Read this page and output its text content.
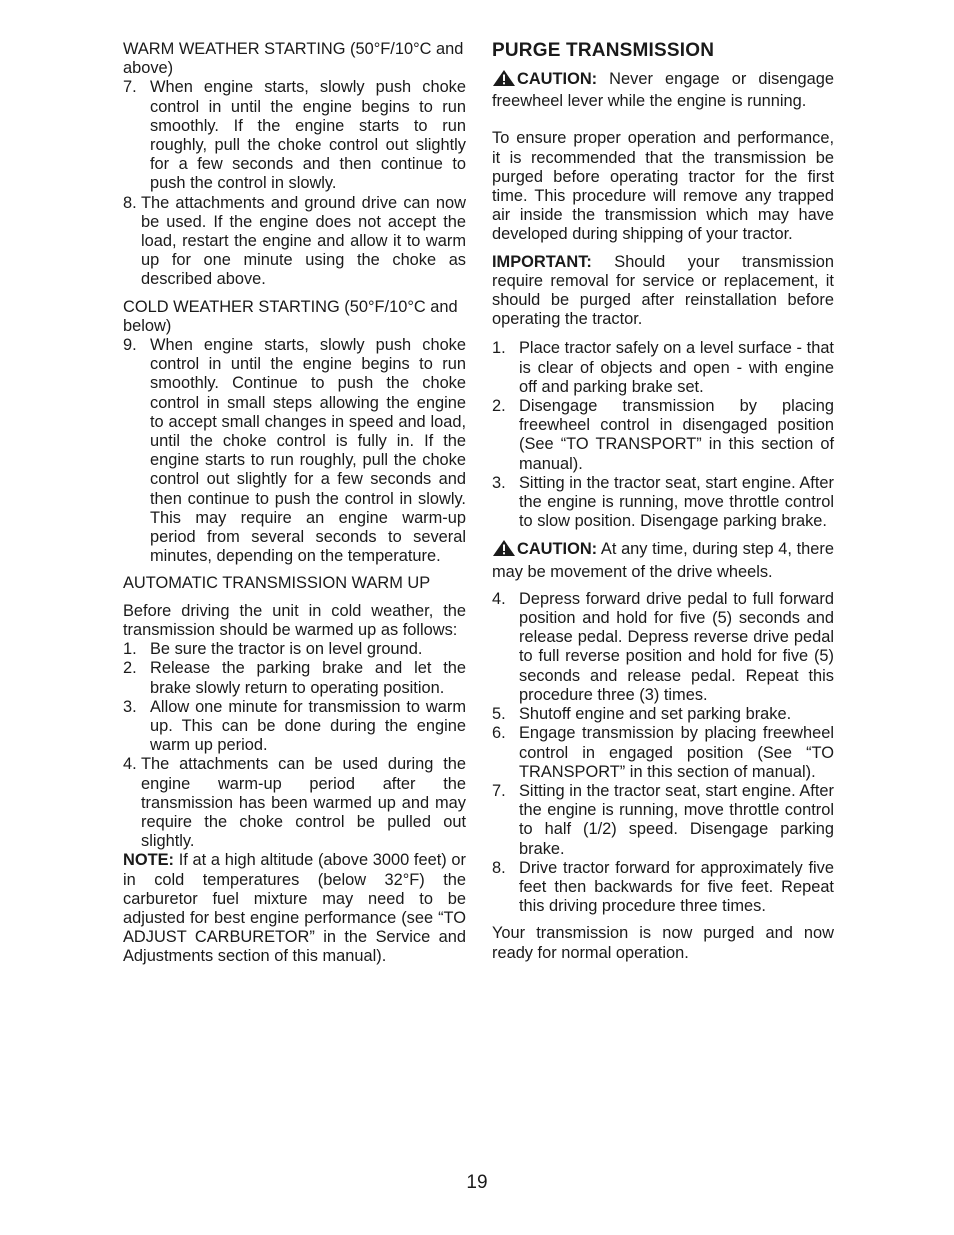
WARM WEATHER STARTING (50°F/10°C and above)

7. When engine starts, slowly push choke control in until the engine begins to run smoothly. If the engine starts to run roughly, pull the choke control out slightly for a few seconds and then continue to push the control in slowly.
8. The attachments and ground drive can now be used. If the engine does not accept the load, restart the engine and allow it to warm up for one minute using the choke as described above.

COLD WEATHER STARTING (50°F/10°C and below)

9. When engine starts, slowly push choke control in until the engine begins to run smoothly. Continue to push the choke control in small steps allowing the engine to accept small changes in speed and load, until the choke control is fully in. If the engine starts to run roughly, pull the choke control out slightly for a few seconds and then continue to push the control in slowly. This may require an engine warm-up period from several seconds to several minutes, depending on the temperature.

AUTOMATIC TRANSMISSION WARM UP

Before driving the unit in cold weather, the transmission should be warmed up as follows:

1. Be sure the tractor is on level ground.
2. Release the parking brake and let the brake slowly return to operating position.
3. Allow one minute for transmission to warm up. This can be done during the engine warm up period.
4. The attachments can be used during the engine warm-up period after the transmission has been warmed up and may require the choke control be pulled out slightly.

NOTE: If at a high altitude (above 3000 feet) or in cold temperatures (below 32°F) the carburetor fuel mixture may need to be adjusted for best engine performance (see “TO ADJUST CARBURETOR” in the Service and Adjustments section of this manual).

PURGE TRANSMISSION

CAUTION: Never engage or disengage freewheel lever while the engine is running.

To ensure proper operation and performance, it is recommended that the transmission be purged before operating tractor for the first time. This procedure will remove any trapped air inside the transmission which may have developed during shipping of your tractor.

IMPORTANT: Should your transmission require removal for service or replacement, it should be purged after reinstallation before operating the tractor.

1. Place tractor safely on a level surface - that is clear of objects and open - with engine off and parking brake set.
2. Disengage transmission by placing freewheel control in disengaged position (See “TO TRANSPORT” in this section of manual).
3. Sitting in the tractor seat, start engine. After the engine is running, move throttle control to slow position. Disengage parking brake.

CAUTION: At any time, during step 4, there may be movement of the drive wheels.

4. Depress forward drive pedal to full forward position and hold for five (5) seconds and release pedal. Depress reverse drive pedal to full reverse position and hold for five (5) seconds and release pedal. Repeat this procedure three (3) times.
5. Shutoff engine and set parking brake.
6. Engage transmission by placing freewheel control in engaged position (See “TO TRANSPORT” in this section of manual).
7. Sitting in the tractor seat, start engine. After the engine is running, move throttle control to half (1/2) speed. Disengage parking brake.
8. Drive tractor forward for approximately five feet then backwards for five feet. Repeat this driving procedure three times.

Your transmission is now purged and now ready for normal operation.

19
